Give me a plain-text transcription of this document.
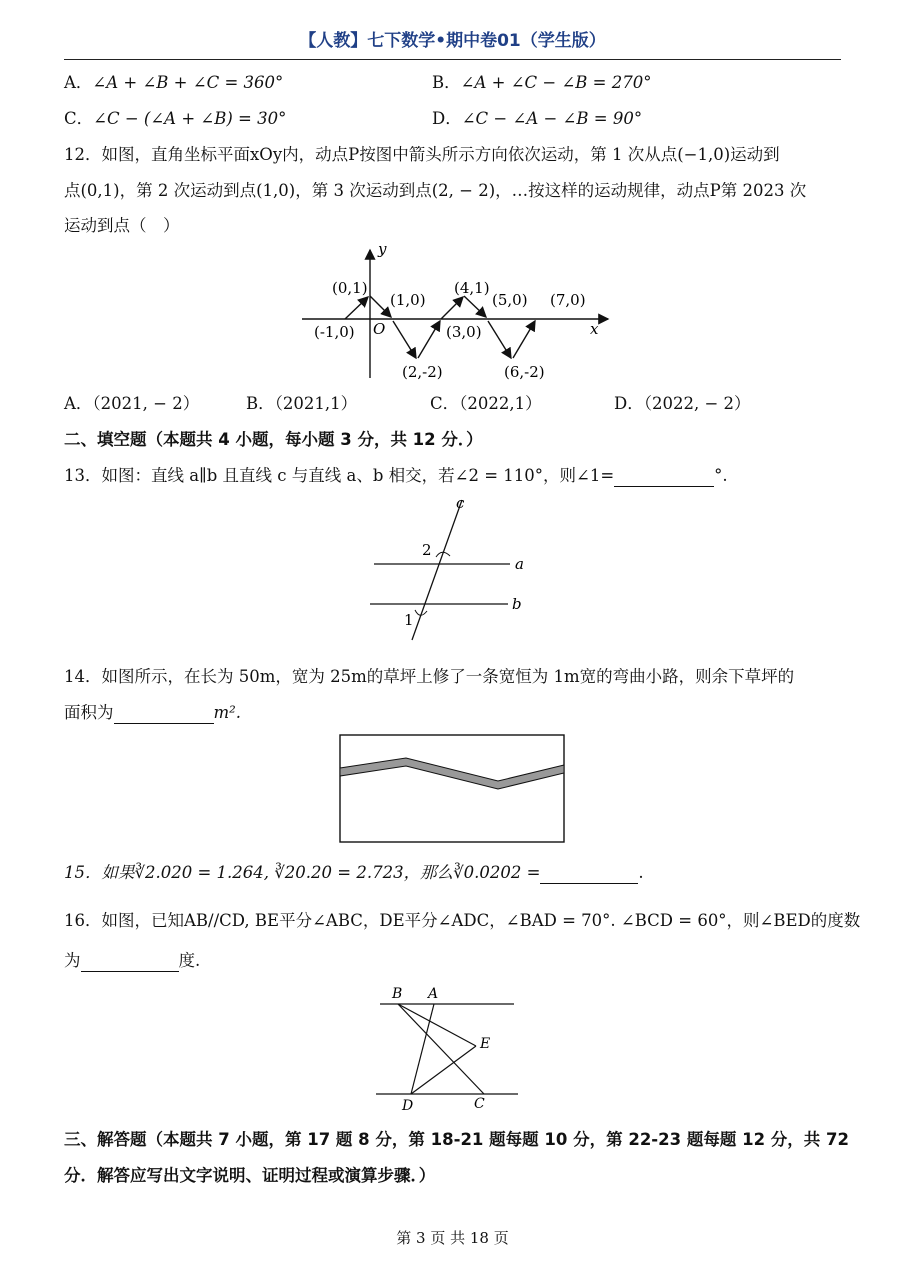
【人教】七下数学•期中卷01（学生版）
A．∠A + ∠B + ∠C = 360°	B．∠A + ∠C − ∠B = 270°
C．∠C − (∠A + ∠B) = 30°	D．∠C − ∠A − ∠B = 90°
12．如图，直角坐标平面xOy内，动点P按图中箭头所示方向依次运动，第 1 次从点(−1,0)运动到
点(0,1)，第 2 次运动到点(1,0)，第 3 次运动到点(2, − 2)，…按这样的运动规律，动点P第 2023 次
运动到点（　）
y
x
O
(0,1)
(1,0)
(4,1)
(5,0) (7,0)
(-1,0)	(3,0)
(2,-2)	(6,-2)
A．（2021, − 2）	B．（2021,1）	C．（2022,1）	D．（2022, − 2）
二、填空题（本题共 4 小题，每小题 3 分，共 12 分．）
13．如图：直线 a∥b 且直线 c 与直线 a、b 相交，若∠2 = 110°，则∠1=	°.
c
a
b
2
1
14．如图所示，在长为 50m，宽为 25m的草坪上修了一条宽恒为 1m宽的弯曲小路，则余下草坪的
面积为	m².
15．如果∛2.020 = 1.264, ∛20.20 = 2.723，那么∛0.0202 =	.
16．如图，已知AB//CD, BE平分∠ABC，DE平分∠ADC，∠BAD = 70°. ∠BCD = 60°，则∠BED的度数
为	度.
B A
E
D	C
三、解答题（本题共 7 小题，第 17 题 8 分，第 18-21 题每题 10 分，第 22-23 题每题 12 分，共 72
分．解答应写出文字说明、证明过程或演算步骤．）
第 3 页 共 18 页
